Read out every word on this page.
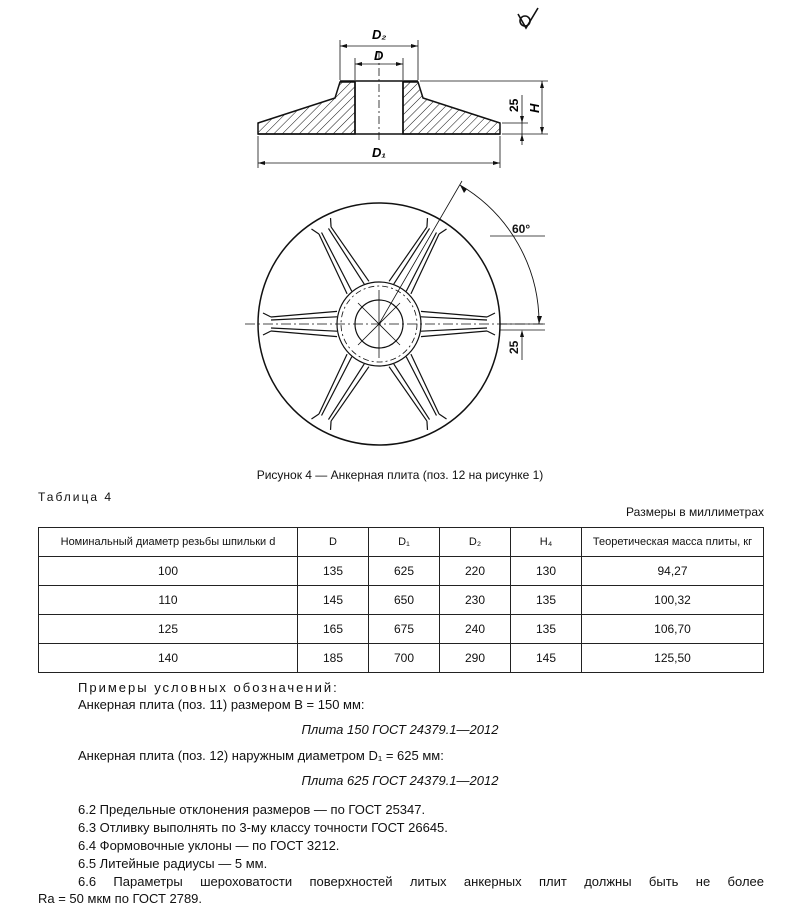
D₂
D
D₁
H
25
60°
25
Рисунок 4 — Анкерная плита (поз. 12 на рисунке 1)
Таблица 4
Размеры в миллиметрах
Номинальный диаметр резьбы шпильки d	D	D₁	D₂	H₄	Теоретическая масса плиты, кг
100	135	625	220	130	94,27
110	145	650	230	135	100,32
125	165	675	240	135	106,70
140	185	700	290	145	125,50
Примеры условных обозначений:
Анкерная плита (поз. 11) размером B = 150 мм:
Плита 150 ГОСТ 24379.1—2012
Анкерная плита (поз. 12) наружным диаметром D₁ = 625 мм:
Плита 625 ГОСТ 24379.1—2012
6.2 Предельные отклонения размеров — по ГОСТ 25347.
6.3 Отливку выполнять по 3-му классу точности ГОСТ 26645.
6.4 Формовочные уклоны — по ГОСТ 3212.
6.5 Литейные радиусы — 5 мм.
6.6 Параметры шероховатости поверхностей литых анкерных плит должны быть не более
Ra = 50 мкм по ГОСТ 2789.
